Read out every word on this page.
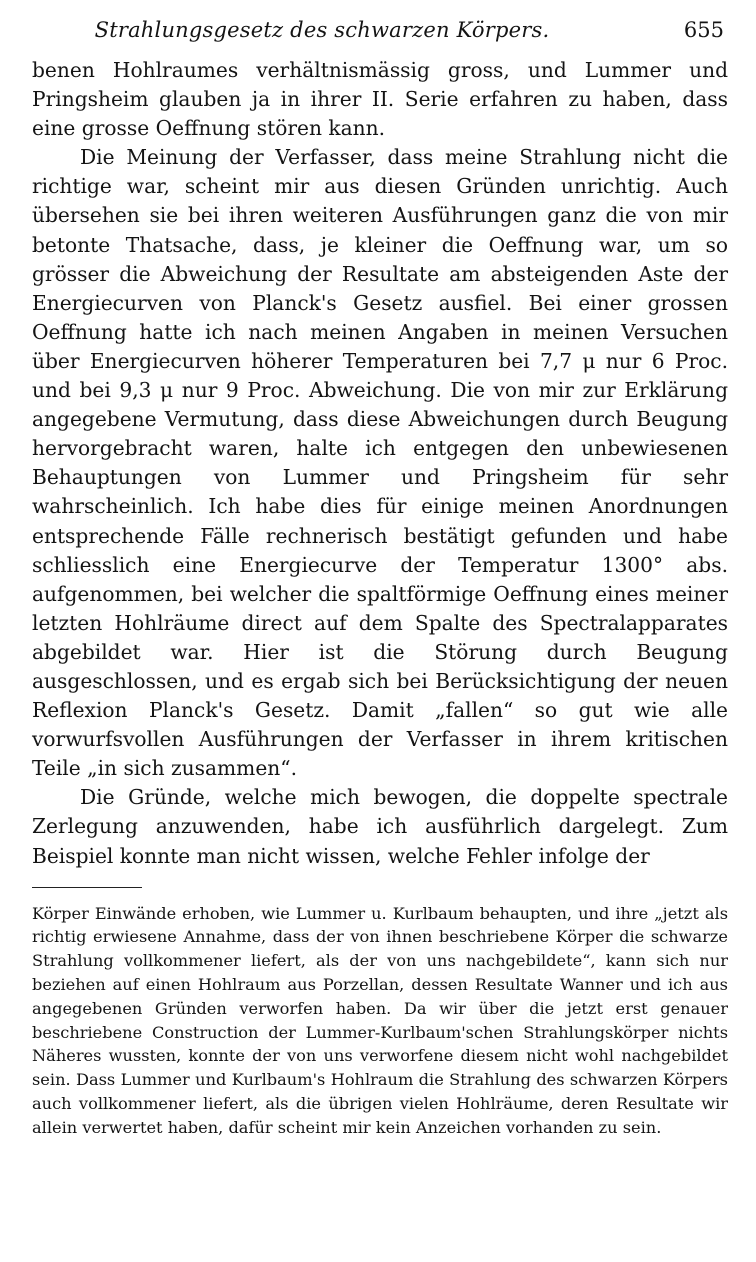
Strahlungsgesetz des schwarzen Körpers.	655

benen Hohlraumes verhältnismässig gross, und Lummer und Pringsheim glauben ja in ihrer II. Serie erfahren zu haben, dass eine grosse Oeffnung stören kann.

Die Meinung der Verfasser, dass meine Strahlung nicht die richtige war, scheint mir aus diesen Gründen unrichtig. Auch übersehen sie bei ihren weiteren Ausführungen ganz die von mir betonte Thatsache, dass, je kleiner die Oeffnung war, um so grösser die Abweichung der Resultate am absteigenden Aste der Energiecurven von Planck's Gesetz ausfiel. Bei einer grossen Oeffnung hatte ich nach meinen Angaben in meinen Versuchen über Energiecurven höherer Temperaturen bei 7,7 μ nur 6 Proc. und bei 9,3 μ nur 9 Proc. Abweichung. Die von mir zur Erklärung angegebene Vermutung, dass diese Abweichungen durch Beugung hervorgebracht waren, halte ich entgegen den unbewiesenen Behauptungen von Lummer und Pringsheim für sehr wahrscheinlich. Ich habe dies für einige meinen Anordnungen entsprechende Fälle rechnerisch bestätigt gefunden und habe schliesslich eine Energiecurve der Temperatur 1300° abs. aufgenommen, bei welcher die spaltförmige Oeffnung eines meiner letzten Hohlräume direct auf dem Spalte des Spectralapparates abgebildet war. Hier ist die Störung durch Beugung ausgeschlossen, und es ergab sich bei Berücksichtigung der neuen Reflexion Planck's Gesetz. Damit „fallen“ so gut wie alle vorwurfsvollen Ausführungen der Verfasser in ihrem kritischen Teile „in sich zusammen“.

Die Gründe, welche mich bewogen, die doppelte spectrale Zerlegung anzuwenden, habe ich ausführlich dargelegt. Zum Beispiel konnte man nicht wissen, welche Fehler infolge der

Körper Einwände erhoben, wie Lummer u. Kurlbaum behaupten, und ihre „jetzt als richtig erwiesene Annahme, dass der von ihnen beschriebene Körper die schwarze Strahlung vollkommener liefert, als der von uns nachgebildete“, kann sich nur beziehen auf einen Hohlraum aus Porzellan, dessen Resultate Wanner und ich aus angegebenen Gründen verworfen haben. Da wir über die jetzt erst genauer beschriebene Construction der Lummer-Kurlbaum'schen Strahlungskörper nichts Näheres wussten, konnte der von uns verworfene diesem nicht wohl nachgebildet sein. Dass Lummer und Kurlbaum's Hohlraum die Strahlung des schwarzen Körpers auch vollkommener liefert, als die übrigen vielen Hohlräume, deren Resultate wir allein verwertet haben, dafür scheint mir kein Anzeichen vorhanden zu sein.
